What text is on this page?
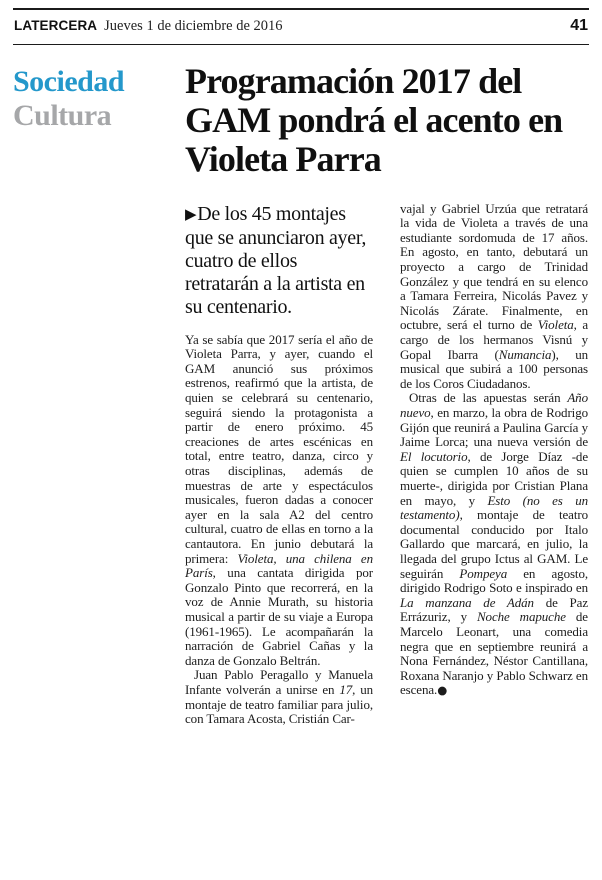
LATERCERA Jueves 1 de diciembre de 2016	41
Sociedad
Cultura
Programación 2017 del GAM pondrá el acento en Violeta Parra

▶De los 45 montajes que se anunciaron ayer, cuatro de ellos retratarán a la artista en su centenario.

Ya se sabía que 2017 sería el año de Violeta Parra, y ayer, cuando el GAM anunció sus próximos estrenos, reafirmó que la artista, de quien se celebrará su centenario, seguirá siendo la protagonista a partir de enero próximo. 45 creaciones de artes escénicas en total, entre teatro, danza, circo y otras disciplinas, además de muestras de arte y espectáculos musicales, fueron dadas a conocer ayer en la sala A2 del centro cultural, cuatro de ellas en torno a la cantautora. En junio debutará la primera: Violeta, una chilena en París, una cantata dirigida por Gonzalo Pinto que recorrerá, en la voz de Annie Murath, su historia musical a partir de su viaje a Europa (1961-1965). Le acompañarán la narración de Gabriel Cañas y la danza de Gonzalo Beltrán.

Juan Pablo Peragallo y Manuela Infante volverán a unirse en 17, un montaje de teatro familiar para julio, con Tamara Acosta, Cristián Car-

vajal y Gabriel Urzúa que retratará la vida de Violeta a través de una estudiante sordomuda de 17 años. En agosto, en tanto, debutará un proyecto a cargo de Trinidad González y que tendrá en su elenco a Tamara Ferreira, Nicolás Pavez y Nicolás Zárate. Finalmente, en octubre, será el turno de Violeta, a cargo de los hermanos Visnú y Gopal Ibarra (Numancia), un musical que subirá a 100 personas de los Coros Ciudadanos.

Otras de las apuestas serán Año nuevo, en marzo, la obra de Rodrigo Gijón que reunirá a Paulina García y Jaime Lorca; una nueva versión de El locutorio, de Jorge Díaz -de quien se cumplen 10 años de su muerte-, dirigida por Cristian Plana en mayo, y Esto (no es un testamento), montaje de teatro documental conducido por Italo Gallardo que marcará, en julio, la llegada del grupo Ictus al GAM. Le seguirán Pompeya en agosto, dirigido Rodrigo Soto e inspirado en La manzana de Adán de Paz Errázuriz, y Noche mapuche de Marcelo Leonart, una comedia negra que en septiembre reunirá a Nona Fernández, Néstor Cantillana, Roxana Naranjo y Pablo Schwarz en escena.●
